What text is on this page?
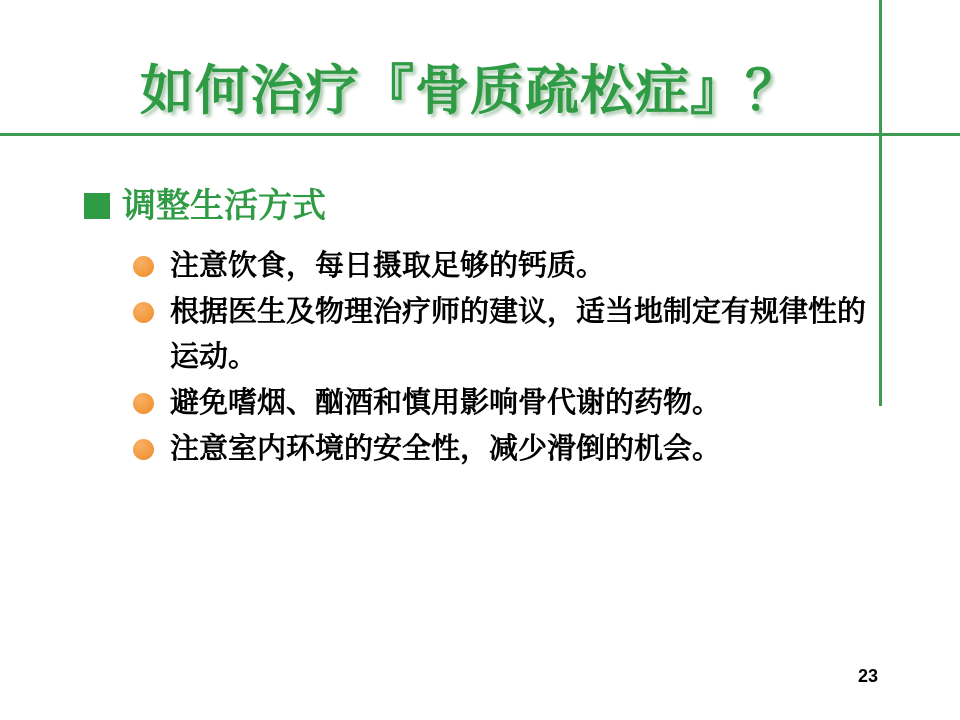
如何治疗『骨质疏松症』？
调整生活方式
注意饮食，每日摄取足够的钙质。
根据医生及物理治疗师的建议，适当地制定有规律性的运动。
避免嗜烟、酗酒和慎用影响骨代谢的药物。
注意室内环境的安全性，减少滑倒的机会。
23
